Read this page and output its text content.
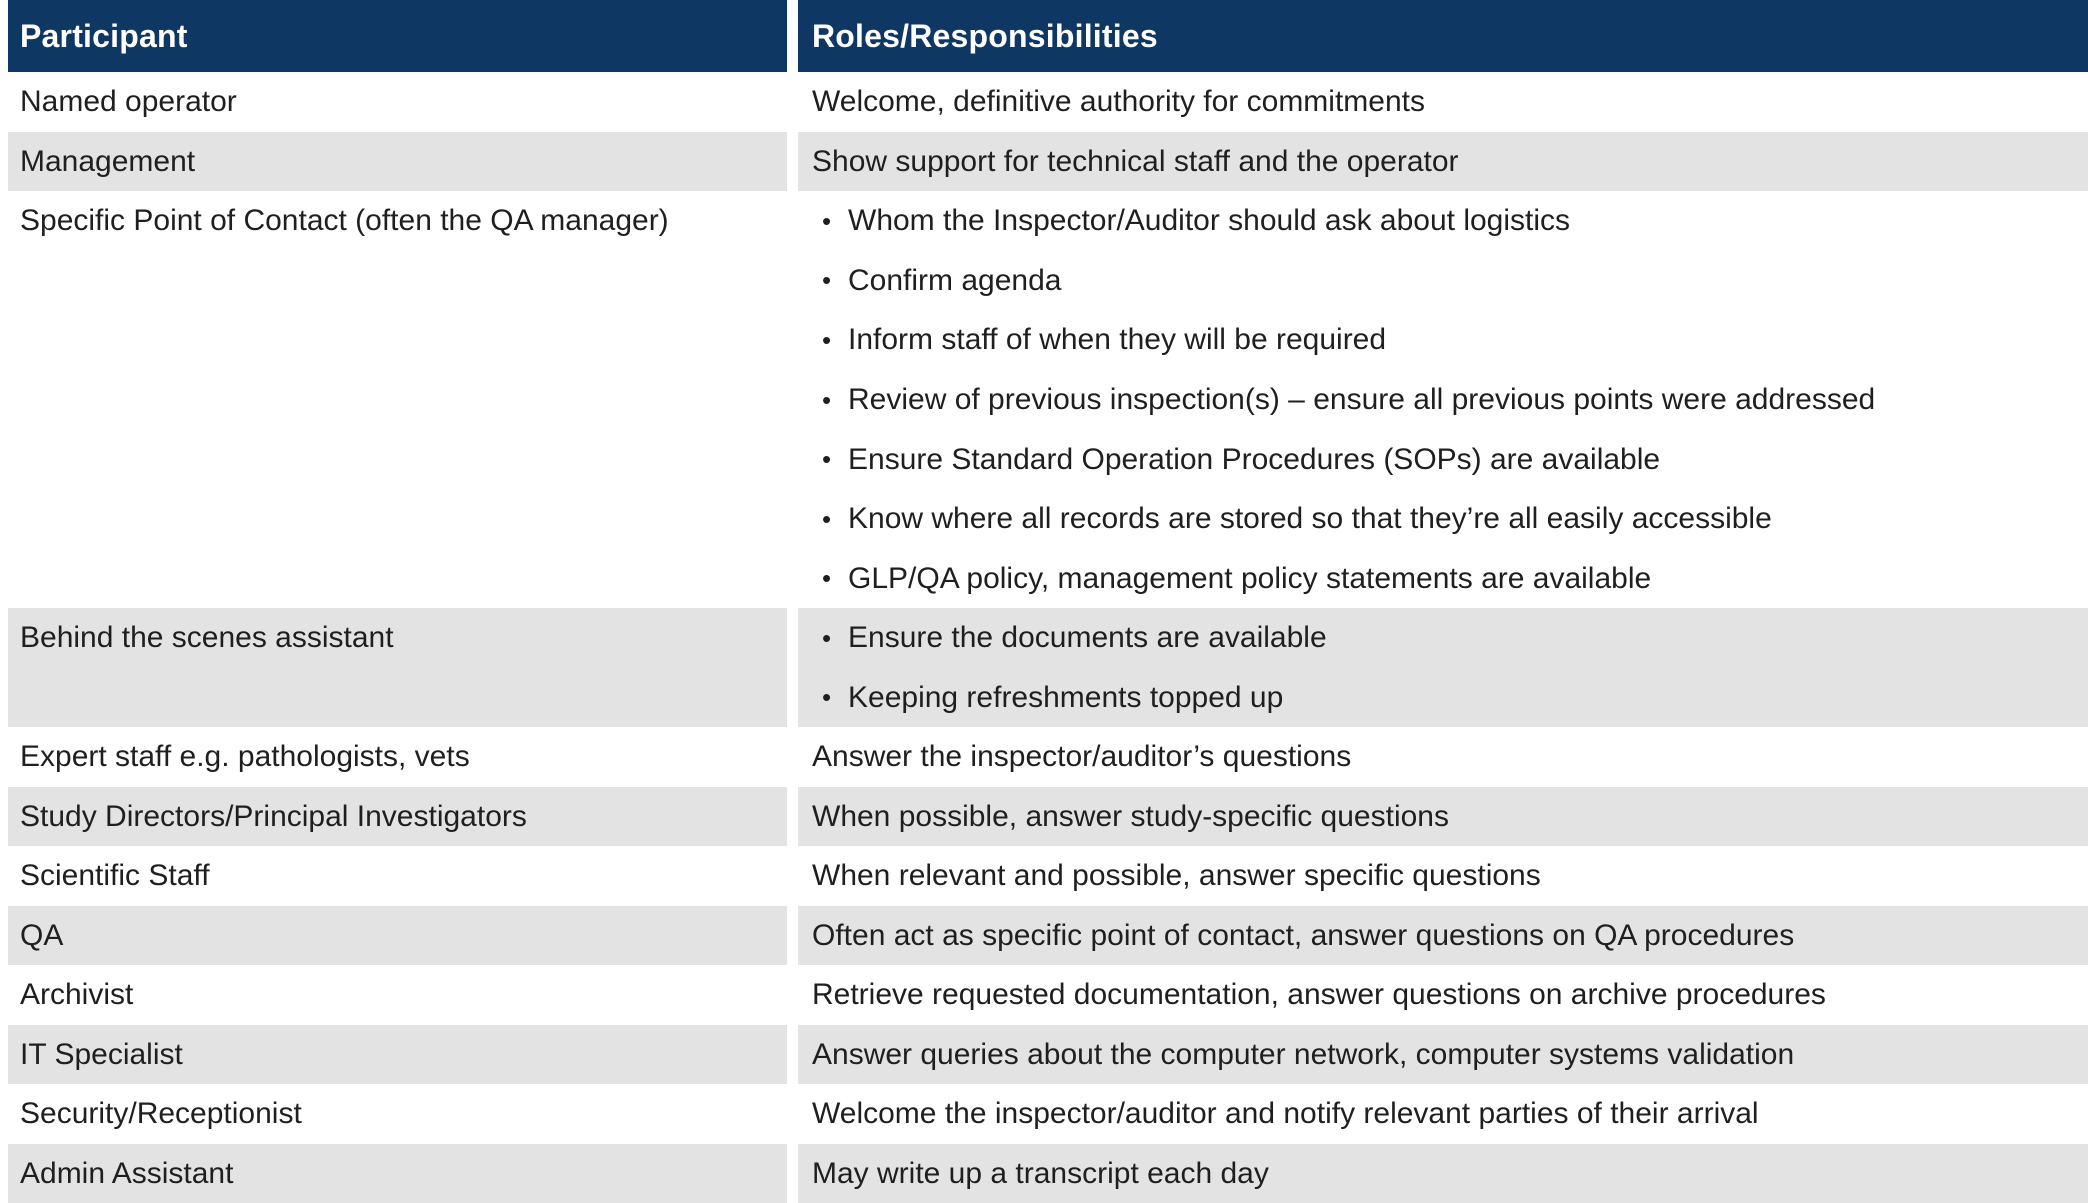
Participant	Roles/Responsibilities
Named operator	Welcome, definitive authority for commitments
Management	Show support for technical staff and the operator
Specific Point of Contact (often the QA manager)	• Whom the Inspector/Auditor should ask about logistics
• Confirm agenda
• Inform staff of when they will be required
• Review of previous inspection(s) – ensure all previous points were addressed
• Ensure Standard Operation Procedures (SOPs) are available
• Know where all records are stored so that they’re all easily accessible
• GLP/QA policy, management policy statements are available
Behind the scenes assistant	• Ensure the documents are available
• Keeping refreshments topped up
Expert staff e.g. pathologists, vets	Answer the inspector/auditor’s questions
Study Directors/Principal Investigators	When possible, answer study-specific questions
Scientific Staff	When relevant and possible, answer specific questions
QA	Often act as specific point of contact, answer questions on QA procedures
Archivist	Retrieve requested documentation, answer questions on archive procedures
IT Specialist	Answer queries about the computer network, computer systems validation
Security/Receptionist	Welcome the inspector/auditor and notify relevant parties of their arrival
Admin Assistant	May write up a transcript each day
